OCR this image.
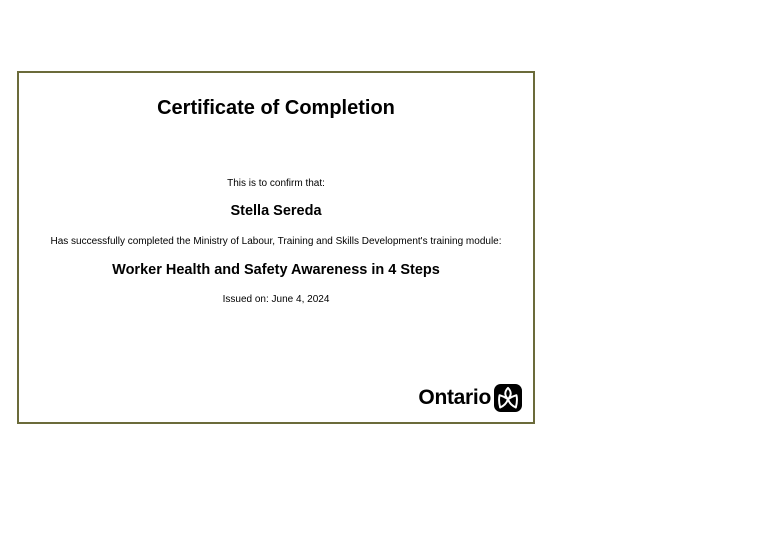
Certificate of Completion
This is to confirm that:
Stella Sereda
Has successfully completed the Ministry of Labour, Training and Skills Development's training module:
Worker Health and Safety Awareness in 4 Steps
Issued on: June 4, 2024
Ontario
